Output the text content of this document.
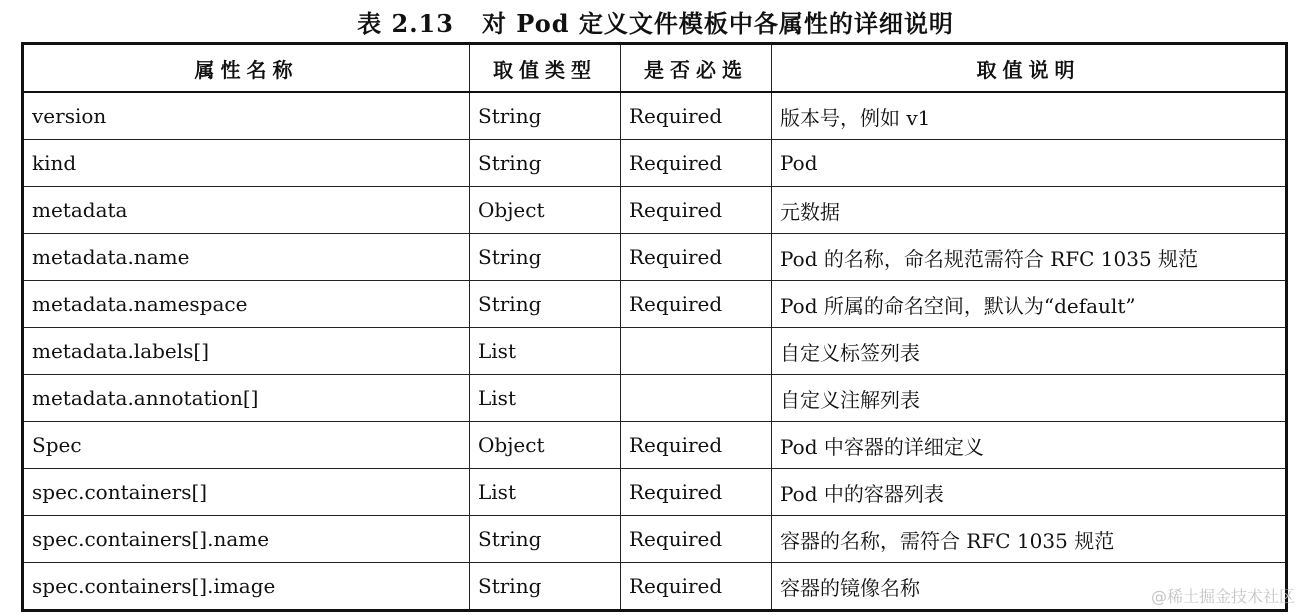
表 2.13 对 Pod 定义文件模板中各属性的详细说明
属性名称	取值类型	是否必选	取值说明
version	String	Required	版本号，例如 v1
kind	String	Required	Pod
metadata	Object	Required	元数据
metadata.name	String	Required	Pod 的名称，命名规范需符合 RFC 1035 规范
metadata.namespace	String	Required	Pod 所属的命名空间，默认为“default”
metadata.labels[]	List		自定义标签列表
metadata.annotation[]	List		自定义注解列表
Spec	Object	Required	Pod 中容器的详细定义
spec.containers[]	List	Required	Pod 中的容器列表
spec.containers[].name	String	Required	容器的名称，需符合 RFC 1035 规范
spec.containers[].image	String	Required	容器的镜像名称	@稀土掘金技术社区
